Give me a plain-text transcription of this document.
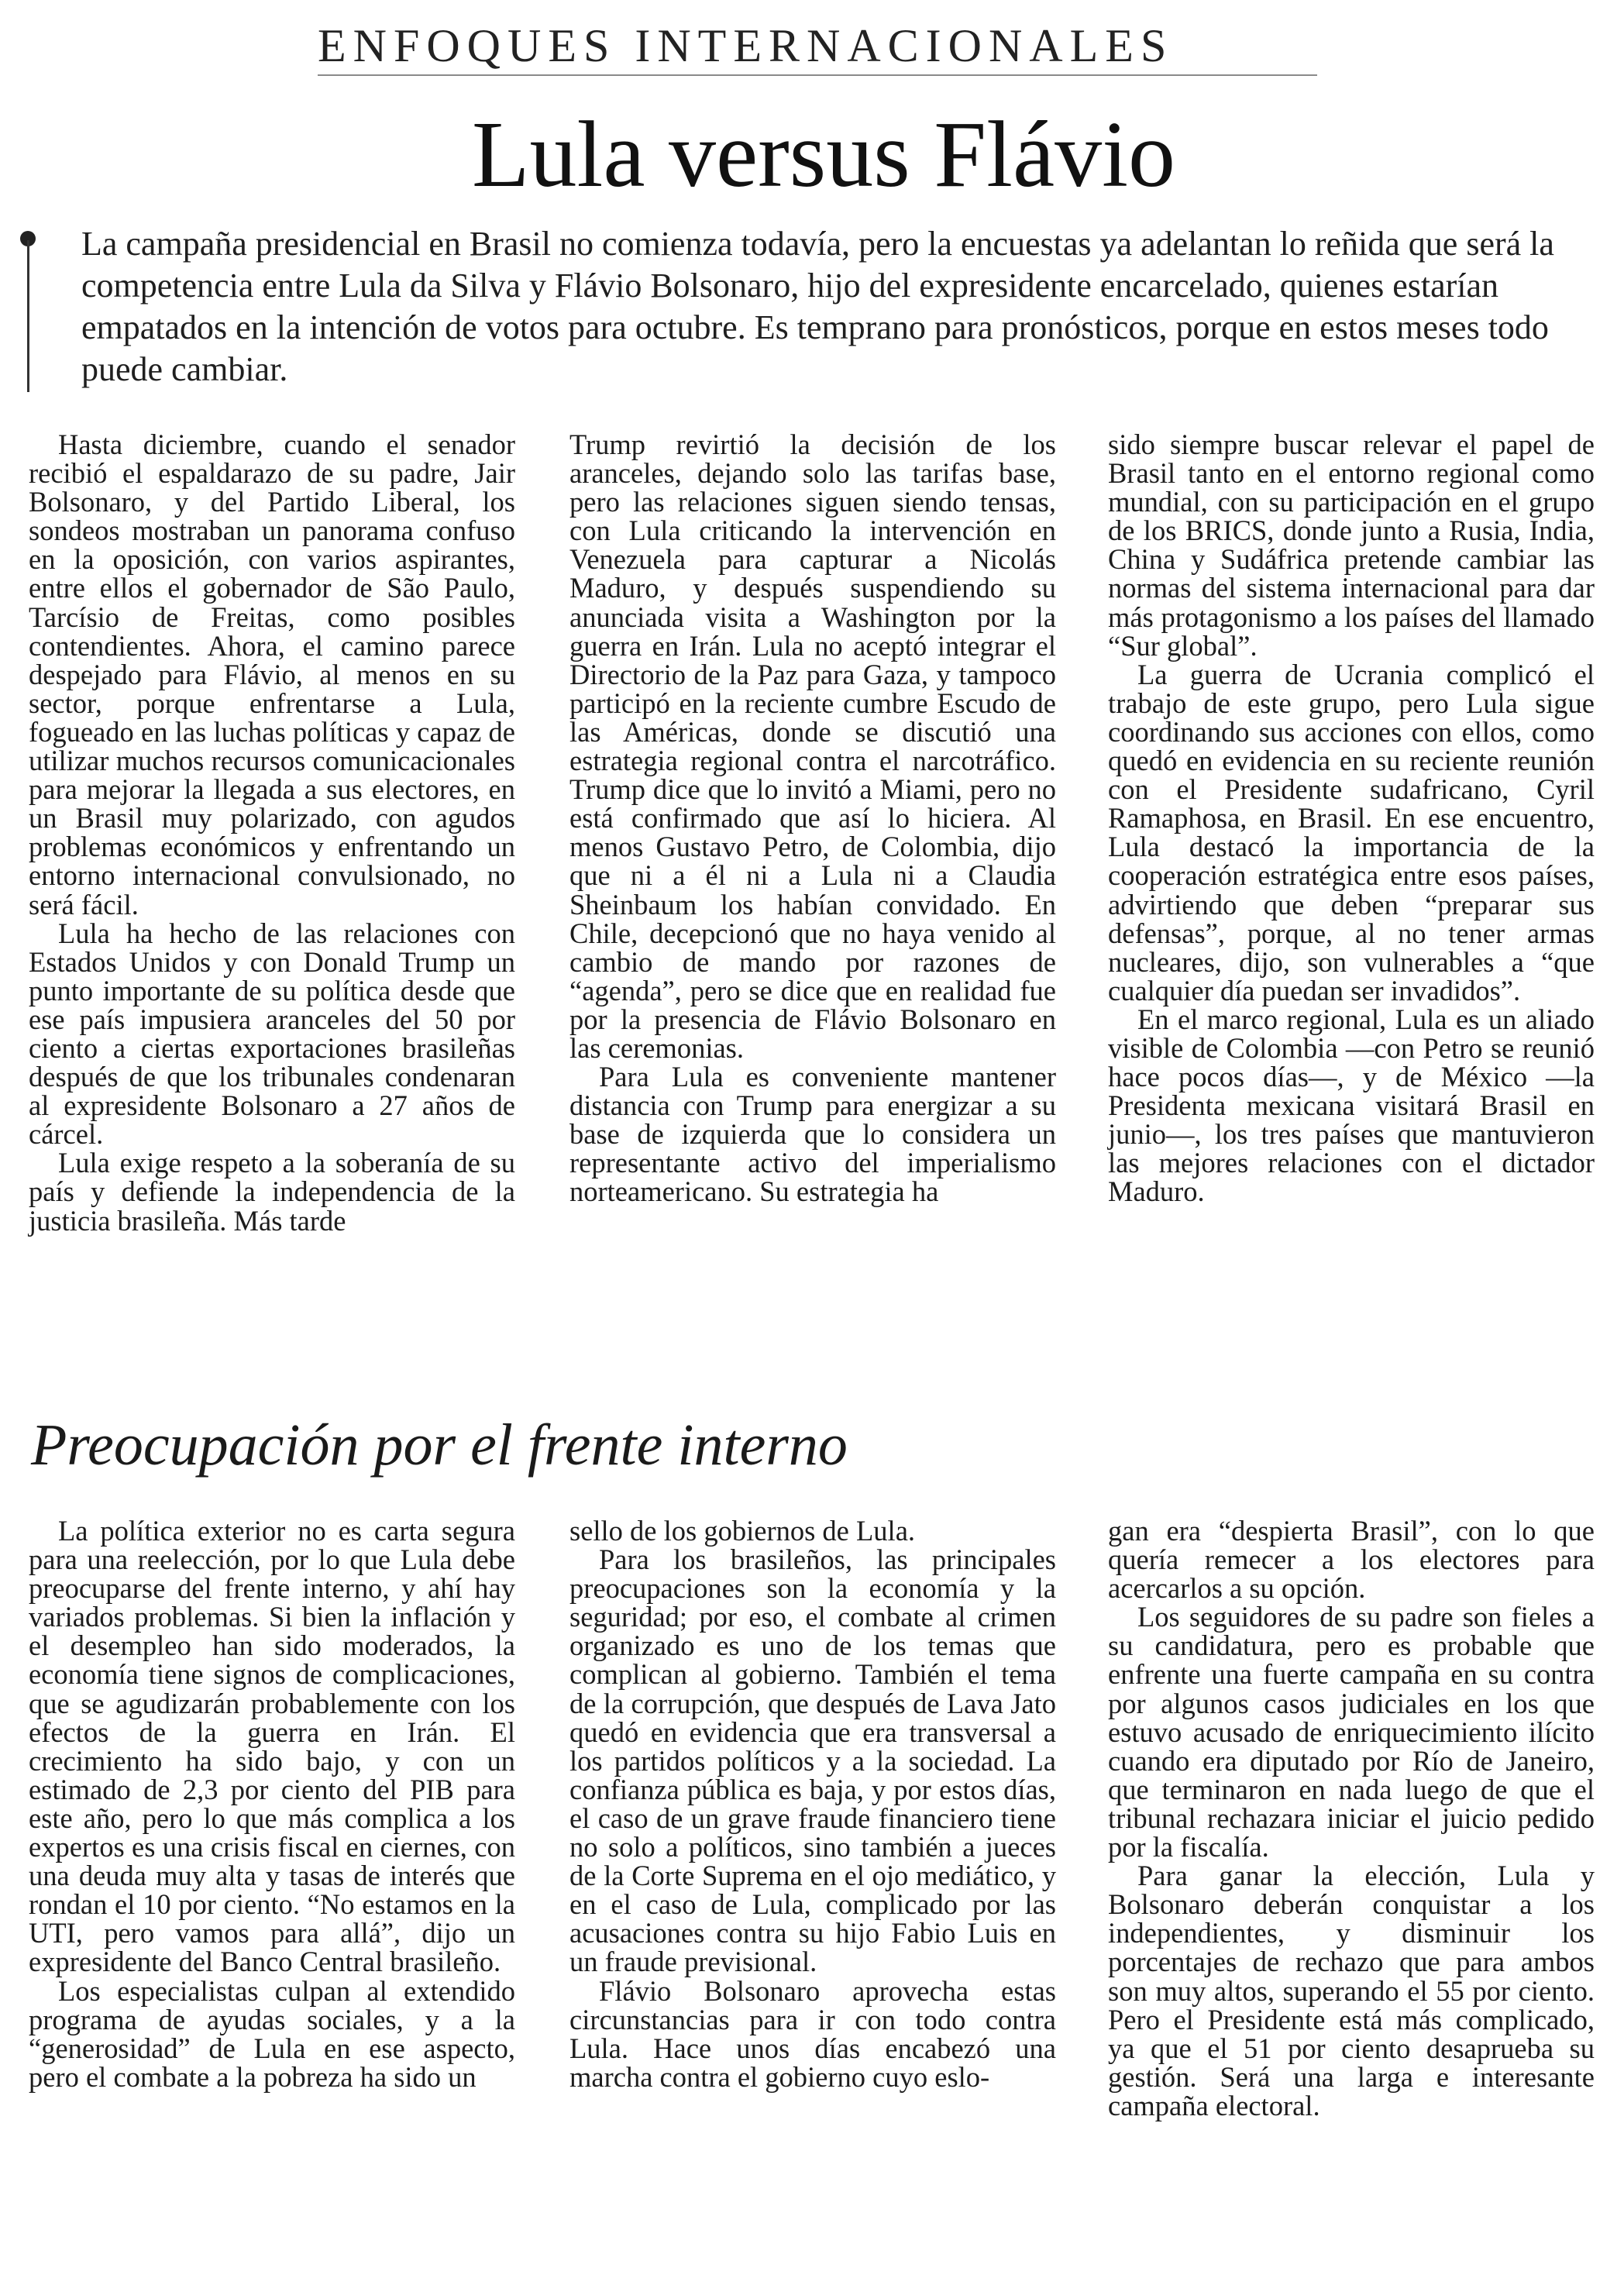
ENFOQUES INTERNACIONALES
Lula versus Flávio

La campaña presidencial en Brasil no comienza todavía, pero la encuestas ya adelantan lo reñida que será la competencia entre Lula da Silva y Flávio Bolsonaro, hijo del expresidente encarcelado, quienes estarían empatados en la intención de votos para octubre. Es temprano para pronósticos, porque en estos meses todo puede cambiar.

Hasta diciembre, cuando el senador recibió el espaldarazo de su padre, Jair Bolsonaro, y del Partido Liberal, los sondeos mostraban un panorama confuso en la oposición, con varios aspirantes, entre ellos el gobernador de São Paulo, Tarcísio de Freitas, como posibles contendientes. Ahora, el camino parece despejado para Flávio, al menos en su sector, porque enfrentarse a Lula, fogueado en las luchas políticas y capaz de utilizar muchos recursos comunicacionales para mejorar la llegada a sus electores, en un Brasil muy polarizado, con agudos problemas económicos y enfrentando un entorno internacional convulsionado, no será fácil.

Lula ha hecho de las relaciones con Estados Unidos y con Donald Trump un punto importante de su política desde que ese país impusiera aranceles del 50 por ciento a ciertas exportaciones brasileñas después de que los tribunales condenaran al expresidente Bolsonaro a 27 años de cárcel.

Lula exige respeto a la soberanía de su país y defiende la independencia de la justicia brasileña. Más tarde

Trump revirtió la decisión de los aranceles, dejando solo las tarifas base, pero las relaciones siguen siendo tensas, con Lula criticando la intervención en Venezuela para capturar a Nicolás Maduro, y después suspendiendo su anunciada visita a Washington por la guerra en Irán. Lula no aceptó integrar el Directorio de la Paz para Gaza, y tampoco participó en la reciente cumbre Escudo de las Américas, donde se discutió una estrategia regional contra el narcotráfico. Trump dice que lo invitó a Miami, pero no está confirmado que así lo hiciera. Al menos Gustavo Petro, de Colombia, dijo que ni a él ni a Lula ni a Claudia Sheinbaum los habían convidado. En Chile, decepcionó que no haya venido al cambio de mando por razones de “agenda”, pero se dice que en realidad fue por la presencia de Flávio Bolsonaro en las ceremonias.

Para Lula es conveniente mantener distancia con Trump para energizar a su base de izquierda que lo considera un representante activo del imperialismo norteamericano. Su estrategia ha

sido siempre buscar relevar el papel de Brasil tanto en el entorno regional como mundial, con su participación en el grupo de los BRICS, donde junto a Rusia, India, China y Sudáfrica pretende cambiar las normas del sistema internacional para dar más protagonismo a los países del llamado “Sur global”.

La guerra de Ucrania complicó el trabajo de este grupo, pero Lula sigue coordinando sus acciones con ellos, como quedó en evidencia en su reciente reunión con el Presidente sudafricano, Cyril Ramaphosa, en Brasil. En ese encuentro, Lula destacó la importancia de la cooperación estratégica entre esos países, advirtiendo que deben “preparar sus defensas”, porque, al no tener armas nucleares, dijo, son vulnerables a “que cualquier día puedan ser invadidos”.

En el marco regional, Lula es un aliado visible de Colombia —con Petro se reunió hace pocos días—, y de México —la Presidenta mexicana visitará Brasil en junio—, los tres países que mantuvieron las mejores relaciones con el dictador Maduro.

Preocupación por el frente interno

La política exterior no es carta segura para una reelección, por lo que Lula debe preocuparse del frente interno, y ahí hay variados problemas. Si bien la inflación y el desempleo han sido moderados, la economía tiene signos de complicaciones, que se agudizarán probablemente con los efectos de la guerra en Irán. El crecimiento ha sido bajo, y con un estimado de 2,3 por ciento del PIB para este año, pero lo que más complica a los expertos es una crisis fiscal en ciernes, con una deuda muy alta y tasas de interés que rondan el 10 por ciento. “No estamos en la UTI, pero vamos para allá”, dijo un expresidente del Banco Central brasileño.

Los especialistas culpan al extendido programa de ayudas sociales, y a la “generosidad” de Lula en ese aspecto, pero el combate a la pobreza ha sido un

sello de los gobiernos de Lula.

Para los brasileños, las principales preocupaciones son la economía y la seguridad; por eso, el combate al crimen organizado es uno de los temas que complican al gobierno. También el tema de la corrupción, que después de Lava Jato quedó en evidencia que era transversal a los partidos políticos y a la sociedad. La confianza pública es baja, y por estos días, el caso de un grave fraude financiero tiene no solo a políticos, sino también a jueces de la Corte Suprema en el ojo mediático, y en el caso de Lula, complicado por las acusaciones contra su hijo Fabio Luis en un fraude previsional.

Flávio Bolsonaro aprovecha estas circunstancias para ir con todo contra Lula. Hace unos días encabezó una marcha contra el gobierno cuyo eslo-

gan era “despierta Brasil”, con lo que quería remecer a los electores para acercarlos a su opción.

Los seguidores de su padre son fieles a su candidatura, pero es probable que enfrente una fuerte campaña en su contra por algunos casos judiciales en los que estuvo acusado de enriquecimiento ilícito cuando era diputado por Río de Janeiro, que terminaron en nada luego de que el tribunal rechazara iniciar el juicio pedido por la fiscalía.

Para ganar la elección, Lula y Bolsonaro deberán conquistar a los independientes, y disminuir los porcentajes de rechazo que para ambos son muy altos, superando el 55 por ciento. Pero el Presidente está más complicado, ya que el 51 por ciento desaprueba su gestión. Será una larga e interesante campaña electoral.
